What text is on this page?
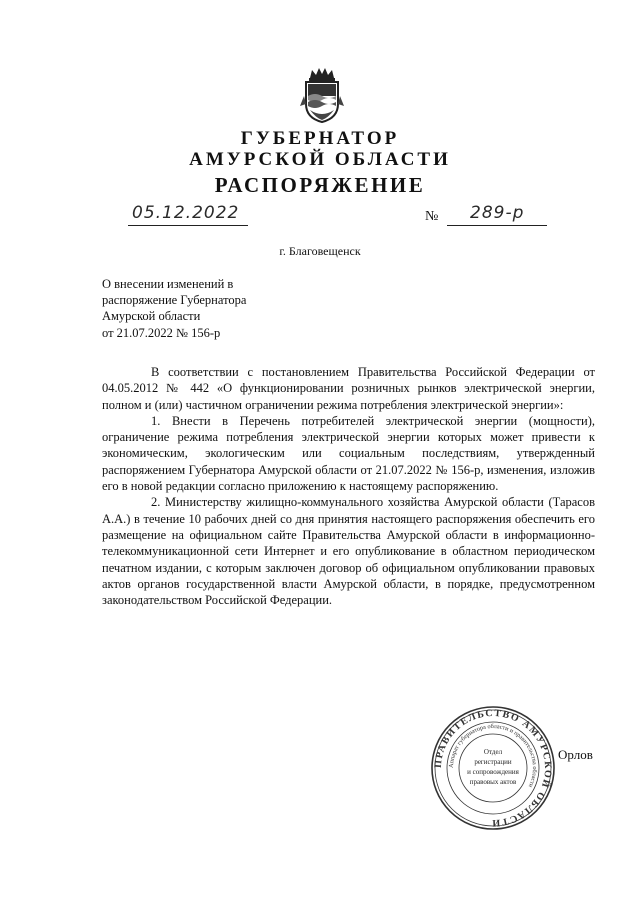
ГУБЕРНАТОР
АМУРСКОЙ ОБЛАСТИ
РАСПОРЯЖЕНИЕ
05.12.2022	№ 289-р
г. Благовещенск
О внесении изменений в
распоряжение Губернатора
Амурской области
от 21.07.2022 № 156-р

В соответствии с постановлением Правительства Российской Федерации от 04.05.2012 № 442 «О функционировании розничных рынков электрической энергии, полном и (или) частичном ограничении режима потребления электрической энергии»:

1. Внести в Перечень потребителей электрической энергии (мощности), ограничение режима потребления электрической энергии которых может привести к экономическим, экологическим или социальным последствиям, утвержденный распоряжением Губернатора Амурской области от 21.07.2022 № 156-р, изменения, изложив его в новой редакции согласно приложению к настоящему распоряжению.

2. Министерству жилищно-коммунального хозяйства Амурской области (Тарасов А.А.) в течение 10 рабочих дней со дня принятия настоящего распоряжения обеспечить его размещение на официальном сайте Правительства Амурской области в информационно-телекоммуникационной сети Интернет и его опубликование в областном периодическом печатном издании, с которым заключен договор об официальном опубликовании правовых актов органов государственной власти Амурской области, в порядке, предусмотренном законодательством Российской Федерации.

ПРАВИТЕЛЬСТВО АМУРСКОЙ ОБЛАСТИ
Аппарат губернатора области и правительства области
Отдел
регистрации
и сопровождения
правовых актов
Орлов
